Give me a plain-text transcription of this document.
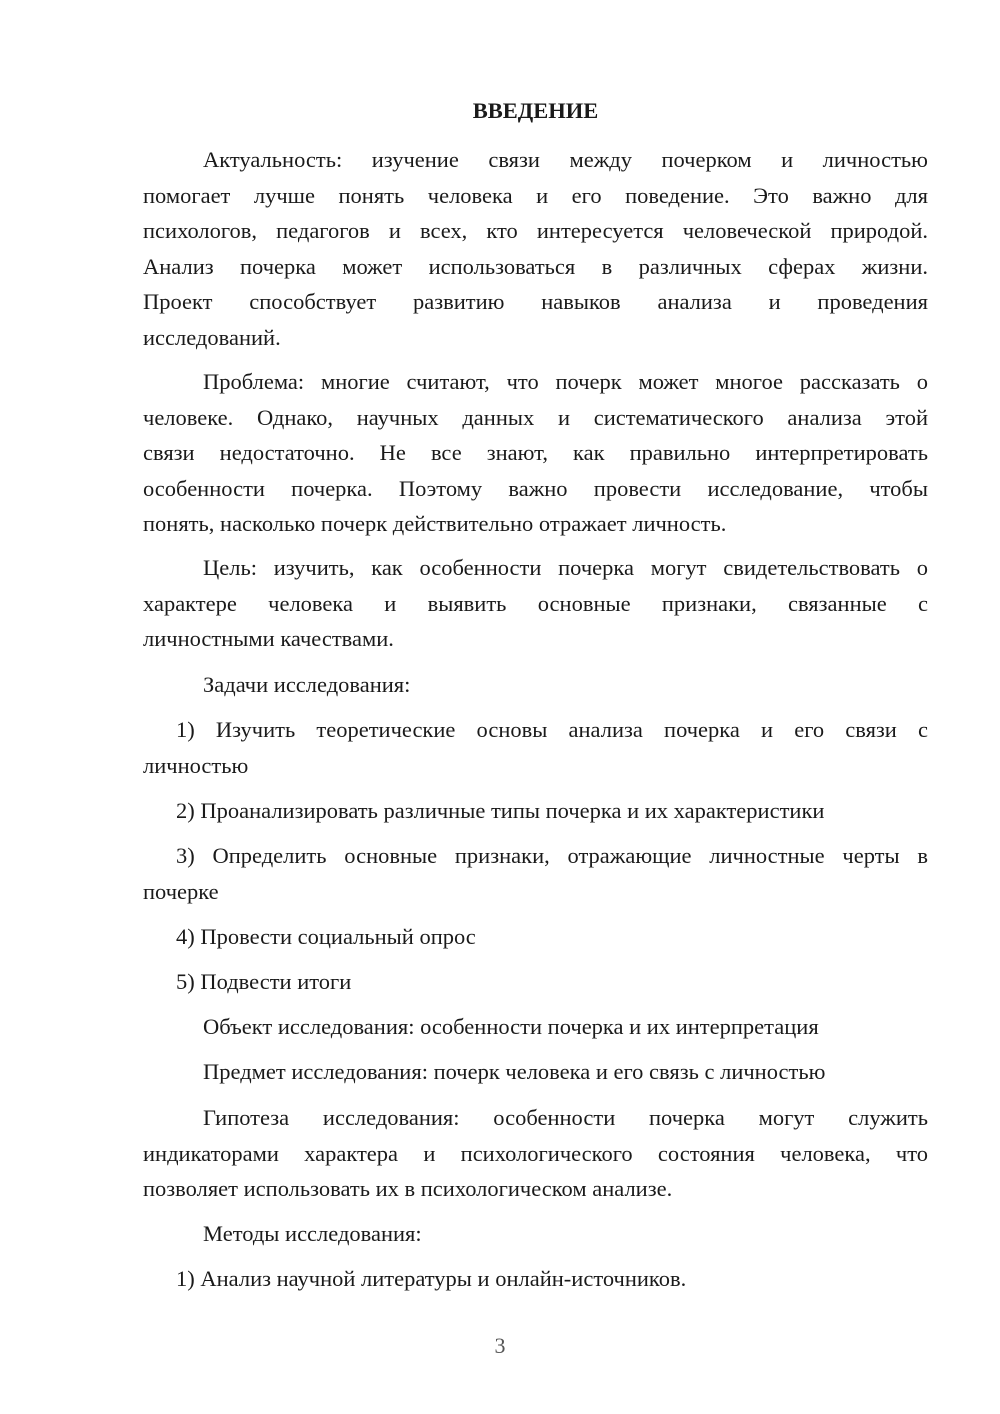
ВВЕДЕНИЕ
Актуальность: изучение связи между почерком и личностью
помогает лучше понять человека и его поведение. Это важно для
психологов, педагогов и всех, кто интересуется человеческой природой.
Анализ почерка может использоваться в различных сферах жизни.
Проект способствует развитию навыков анализа и проведения
исследований.
Проблема: многие считают, что почерк может многое рассказать о
человеке. Однако, научных данных и систематического анализа этой
связи недостаточно. Не все знают, как правильно интерпретировать
особенности почерка. Поэтому важно провести исследование, чтобы
понять, насколько почерк действительно отражает личность.
Цель: изучить, как особенности почерка могут свидетельствовать о
характере человека и выявить основные признаки, связанные с
личностными качествами.
Задачи исследования:
1) Изучить теоретические основы анализа почерка и его связи с
личностью
2) Проанализировать различные типы почерка и их характеристики
3) Определить основные признаки, отражающие личностные черты в
почерке
4) Провести социальный опрос
5) Подвести итоги
Объект исследования: особенности почерка и их интерпретация
Предмет исследования: почерк человека и его связь с личностью
Гипотеза исследования: особенности почерка могут служить
индикаторами характера и психологического состояния человека, что
позволяет использовать их в психологическом анализе.
Методы исследования:
1) Анализ научной литературы и онлайн-источников.
3
